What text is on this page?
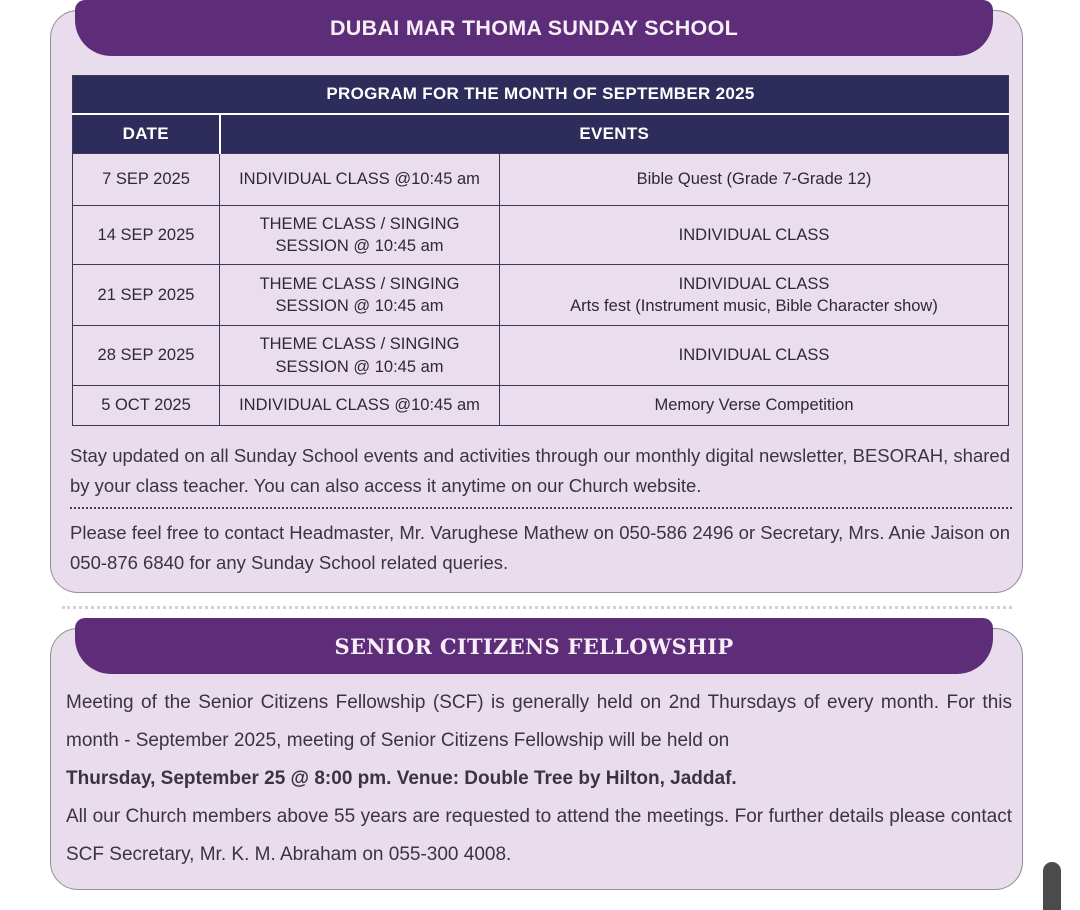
DUBAI MAR THOMA SUNDAY SCHOOL
PROGRAM FOR THE MONTH OF SEPTEMBER 2025		
DATE	EVENTS	
7 SEP 2025	INDIVIDUAL CLASS @10:45 am	Bible Quest (Grade 7-Grade 12)

14 SEP 2025	THEME CLASS / SINGING SESSION @ 10:45 am	INDIVIDUAL CLASS

21 SEP 2025	THEME CLASS / SINGING SESSION @ 10:45 am	INDIVIDUAL CLASS
Arts fest (Instrument music, Bible Character show)

28 SEP 2025	THEME CLASS / SINGING SESSION @ 10:45 am	INDIVIDUAL CLASS

5 OCT 2025	INDIVIDUAL CLASS @10:45 am	Memory Verse Competition

Stay updated on all Sunday School events and activities through our monthly digital newsletter, BESORAH, shared by your class teacher. You can also access it anytime on our Church website.

Please feel free to contact Headmaster, Mr. Varughese Mathew on 050-586 2496 or Secretary, Mrs. Anie Jaison on 050-876 6840 for any Sunday School related queries.

SENIOR CITIZENS FELLOWSHIP

Meeting of the Senior Citizens Fellowship (SCF) is generally held on 2nd Thursdays of every month. For this month - September 2025, meeting of Senior Citizens Fellowship will be held on

Thursday, September 25 @ 8:00 pm. Venue: Double Tree by Hilton, Jaddaf.

All our Church members above 55 years are requested to attend the meetings. For further details please contact SCF Secretary, Mr. K. M. Abraham on 055-300 4008.
